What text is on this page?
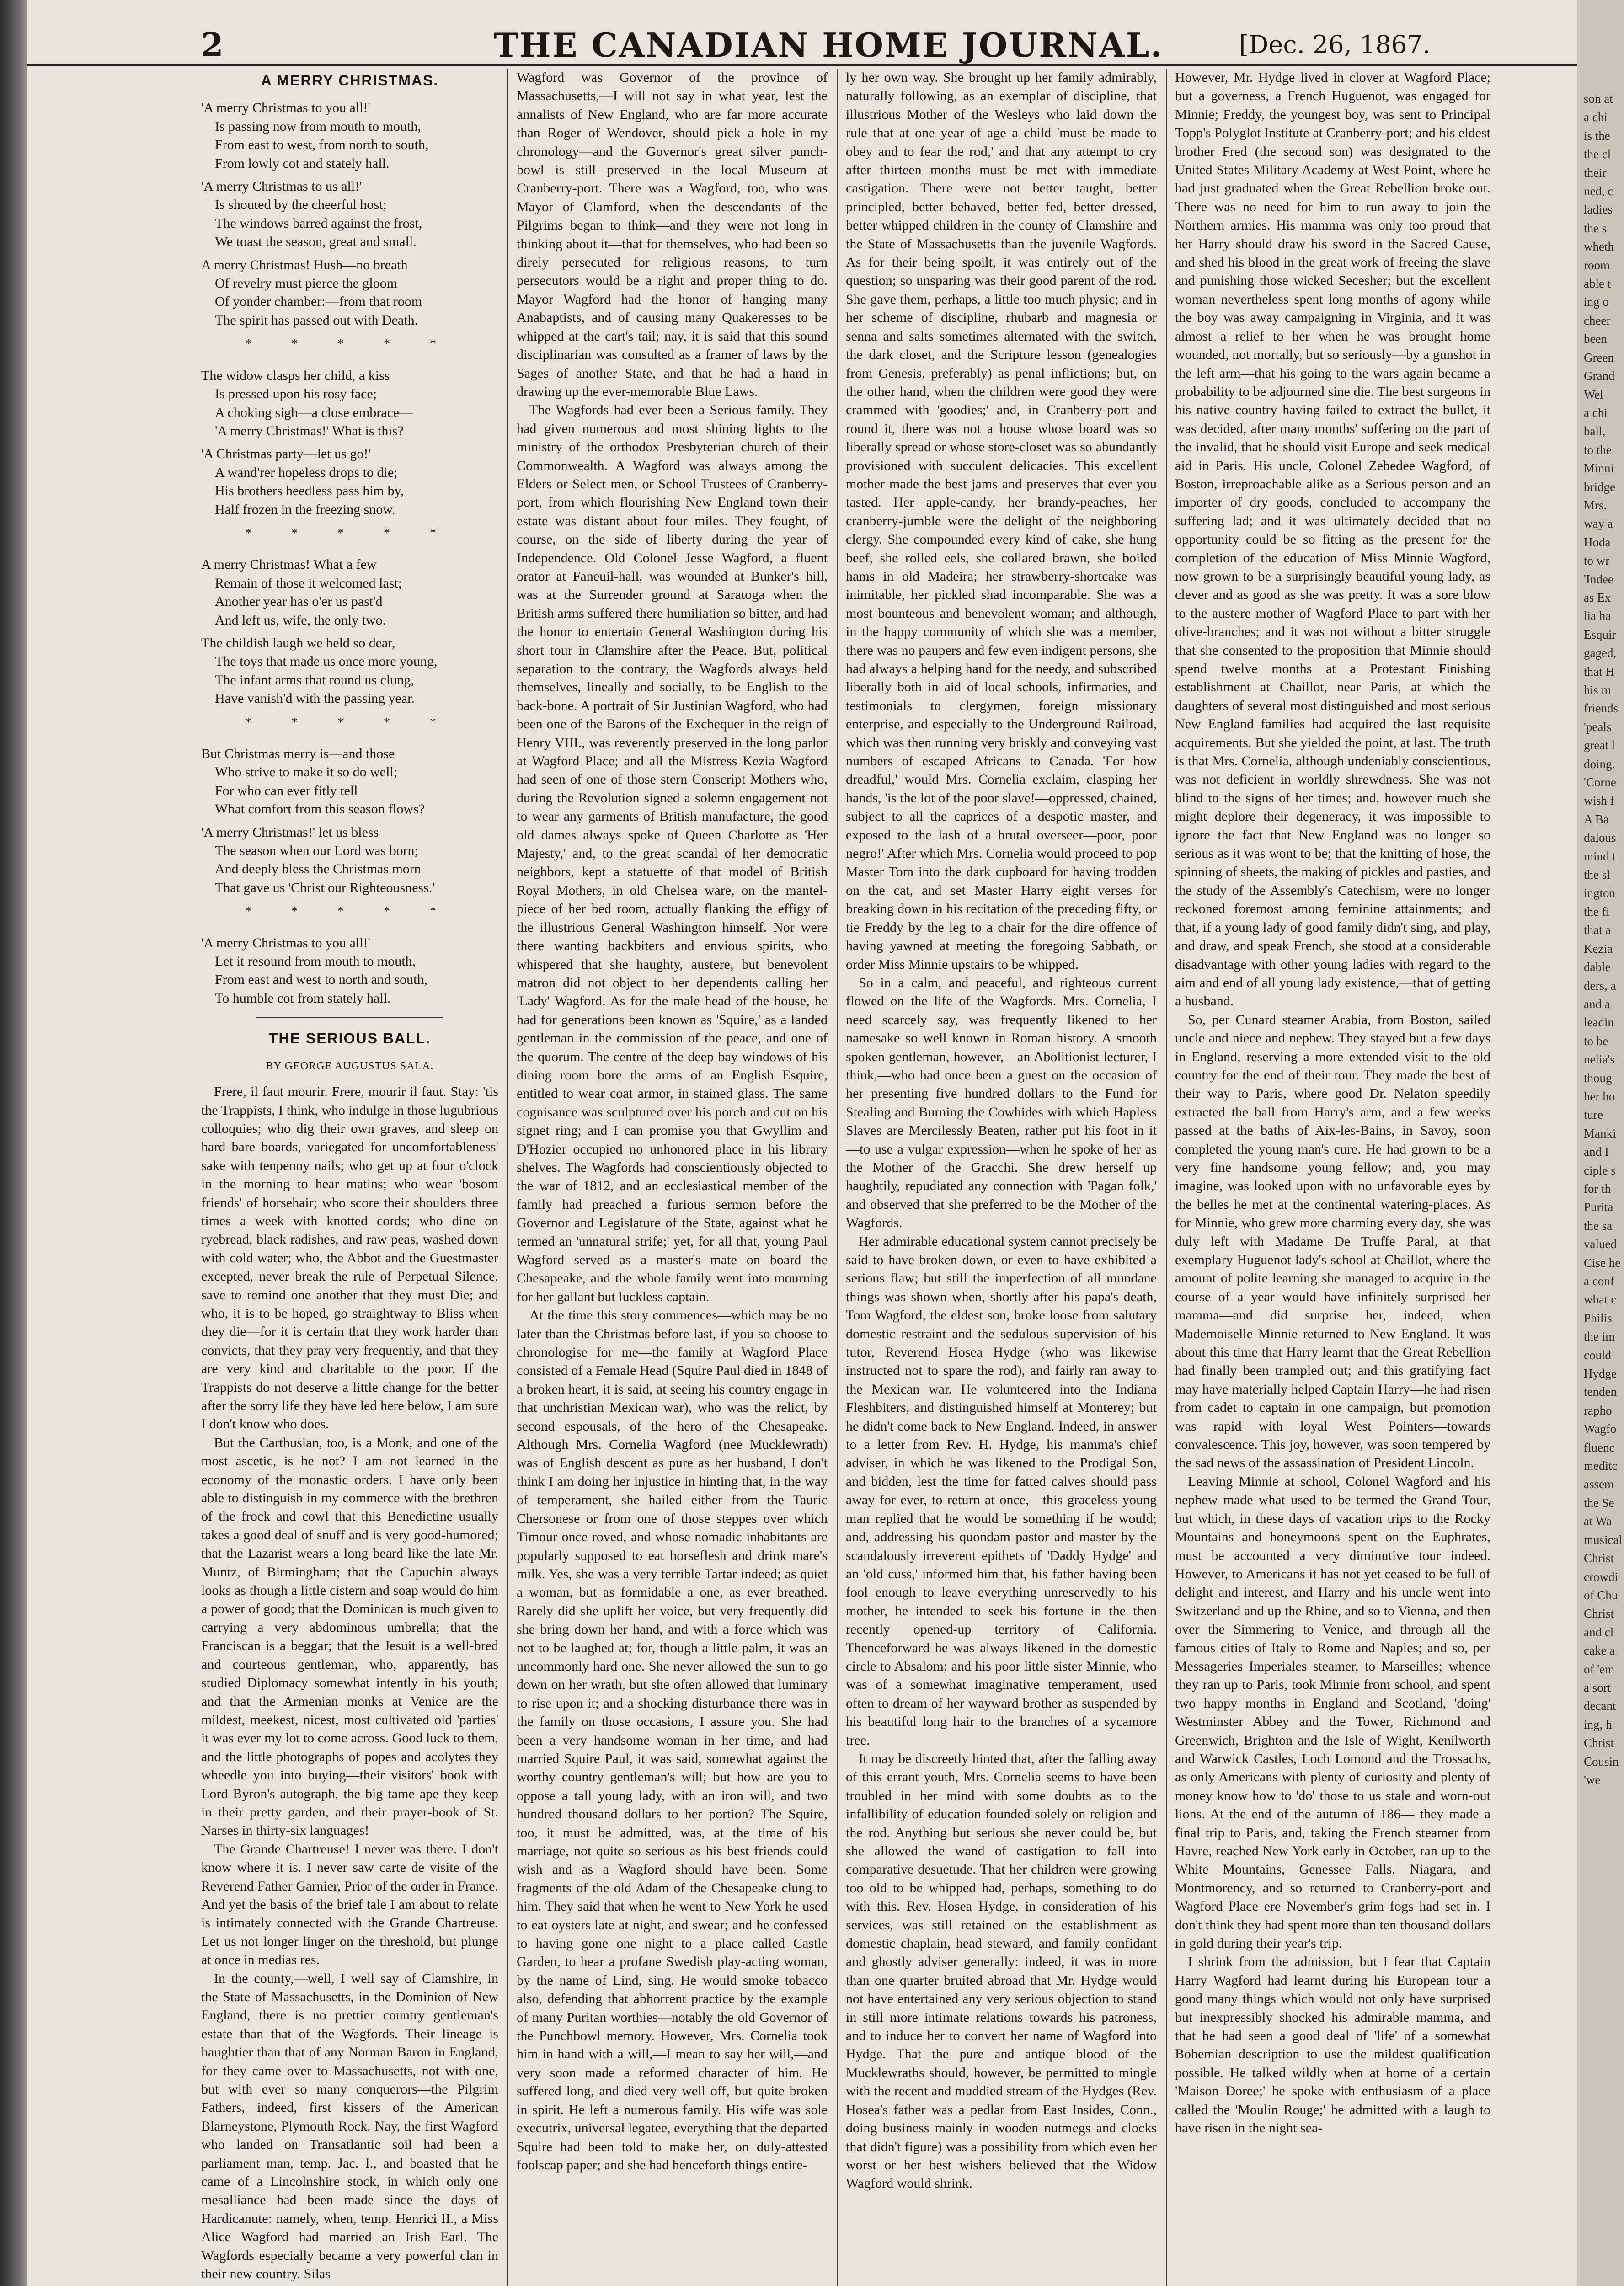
2	THE CANADIAN HOME JOURNAL.	[Dec. 26, 1867.
A MERRY CHRISTMAS.

'A merry Christmas to you all!'

Is passing now from mouth to mouth,

From east to west, from north to south,

From lowly cot and stately hall.

'A merry Christmas to us all!'

Is shouted by the cheerful host;

The windows barred against the frost,

We toast the season, great and small.

A merry Christmas! Hush—no breath

Of revelry must pierce the gloom

Of yonder chamber:—from that room

The spirit has passed out with Death.

* * * * *

The widow clasps her child, a kiss

Is pressed upon his rosy face;

A choking sigh—a close embrace—

'A merry Christmas!' What is this?

'A Christmas party—let us go!'

A wand'rer hopeless drops to die;

His brothers heedless pass him by,

Half frozen in the freezing snow.

* * * * *

A merry Christmas! What a few

Remain of those it welcomed last;

Another year has o'er us past'd

And left us, wife, the only two.

The childish laugh we held so dear,

The toys that made us once more young,

The infant arms that round us clung,

Have vanish'd with the passing year.

* * * * *

But Christmas merry is—and those

Who strive to make it so do well;

For who can ever fitly tell

What comfort from this season flows?

'A merry Christmas!' let us bless

The season when our Lord was born;

And deeply bless the Christmas morn

That gave us 'Christ our Righteousness.'

* * * * *

'A merry Christmas to you all!'

Let it resound from mouth to mouth,

From east and west to north and south,

To humble cot from stately hall.

THE SERIOUS BALL.
BY GEORGE AUGUSTUS SALA.

Frere, il faut mourir. Frere, mourir il faut. Stay: 'tis the Trappists, I think, who indulge in those lugubrious colloquies; who dig their own graves, and sleep on hard bare boards, variegated for uncomfortableness' sake with tenpenny nails; who get up at four o'clock in the morning to hear matins; who wear 'bosom friends' of horsehair; who score their shoulders three times a week with knotted cords; who dine on ryebread, black radishes, and raw peas, washed down with cold water; who, the Abbot and the Guestmaster excepted, never break the rule of Perpetual Silence, save to remind one another that they must Die; and who, it is to be hoped, go straightway to Bliss when they die—for it is certain that they work harder than convicts, that they pray very frequently, and that they are very kind and charitable to the poor. If the Trappists do not deserve a little change for the better after the sorry life they have led here below, I am sure I don't know who does.

But the Carthusian, too, is a Monk, and one of the most ascetic, is he not? I am not learned in the economy of the monastic orders. I have only been able to distinguish in my commerce with the brethren of the frock and cowl that this Benedictine usually takes a good deal of snuff and is very good-humored; that the Lazarist wears a long beard like the late Mr. Muntz, of Birmingham; that the Capuchin always looks as though a little cistern and soap would do him a power of good; that the Dominican is much given to carrying a very abdominous umbrella; that the Franciscan is a beggar; that the Jesuit is a well-bred and courteous gentleman, who, apparently, has studied Diplomacy somewhat intently in his youth; and that the Armenian monks at Venice are the mildest, meekest, nicest, most cultivated old 'parties' it was ever my lot to come across. Good luck to them, and the little photographs of popes and acolytes they wheedle you into buying—their visitors' book with Lord Byron's autograph, the big tame ape they keep in their pretty garden, and their prayer-book of St. Narses in thirty-six languages!

The Grande Chartreuse! I never was there. I don't know where it is. I never saw carte de visite of the Reverend Father Garnier, Prior of the order in France. And yet the basis of the brief tale I am about to relate is intimately connected with the Grande Chartreuse. Let us not longer linger on the threshold, but plunge at once in medias res.

In the county,—well, I well say of Clamshire, in the State of Massachusetts, in the Dominion of New England, there is no prettier country gentleman's estate than that of the Wagfords. Their lineage is haughtier than that of any Norman Baron in England, for they came over to Massachusetts, not with one, but with ever so many conquerors—the Pilgrim Fathers, indeed, first kissers of the American Blarneystone, Plymouth Rock. Nay, the first Wagford who landed on Transatlantic soil had been a parliament man, temp. Jac. I., and boasted that he came of a Lincolnshire stock, in which only one mesalliance had been made since the days of Hardicanute: namely, when, temp. Henrici II., a Miss Alice Wagford had married an Irish Earl. The Wagfords especially became a very powerful clan in their new country. Silas

Wagford was Governor of the province of Massachusetts,—I will not say in what year, lest the annalists of New England, who are far more accurate than Roger of Wendover, should pick a hole in my chronology—and the Governor's great silver punch-bowl is still preserved in the local Museum at Cranberry-port. There was a Wagford, too, who was Mayor of Clamford, when the descendants of the Pilgrims began to think—and they were not long in thinking about it—that for themselves, who had been so direly persecuted for religious reasons, to turn persecutors would be a right and proper thing to do. Mayor Wagford had the honor of hanging many Anabaptists, and of causing many Quakeresses to be whipped at the cart's tail; nay, it is said that this sound disciplinarian was consulted as a framer of laws by the Sages of another State, and that he had a hand in drawing up the ever-memorable Blue Laws.

The Wagfords had ever been a Serious family. They had given numerous and most shining lights to the ministry of the orthodox Presbyterian church of their Commonwealth. A Wagford was always among the Elders or Select men, or School Trustees of Cranberry-port, from which flourishing New England town their estate was distant about four miles. They fought, of course, on the side of liberty during the year of Independence. Old Colonel Jesse Wagford, a fluent orator at Faneuil-hall, was wounded at Bunker's hill, was at the Surrender ground at Saratoga when the British arms suffered there humiliation so bitter, and had the honor to entertain General Washington during his short tour in Clamshire after the Peace. But, political separation to the contrary, the Wagfords always held themselves, lineally and socially, to be English to the back-bone. A portrait of Sir Justinian Wagford, who had been one of the Barons of the Exchequer in the reign of Henry VIII., was reverently preserved in the long parlor at Wagford Place; and all the Mistress Kezia Wagford had seen of one of those stern Conscript Mothers who, during the Revolution signed a solemn engagement not to wear any garments of British manufacture, the good old dames always spoke of Queen Charlotte as 'Her Majesty,' and, to the great scandal of her democratic neighbors, kept a statuette of that model of British Royal Mothers, in old Chelsea ware, on the mantel-piece of her bed room, actually flanking the effigy of the illustrious General Washington himself. Nor were there wanting backbiters and envious spirits, who whispered that she haughty, austere, but benevolent matron did not object to her dependents calling her 'Lady' Wagford. As for the male head of the house, he had for generations been known as 'Squire,' as a landed gentleman in the commission of the peace, and one of the quorum. The centre of the deep bay windows of his dining room bore the arms of an English Esquire, entitled to wear coat armor, in stained glass. The same cognisance was sculptured over his porch and cut on his signet ring; and I can promise you that Gwyllim and D'Hozier occupied no unhonored place in his library shelves. The Wagfords had conscientiously objected to the war of 1812, and an ecclesiastical member of the family had preached a furious sermon before the Governor and Legislature of the State, against what he termed an 'unnatural strife;' yet, for all that, young Paul Wagford served as a master's mate on board the Chesapeake, and the whole family went into mourning for her gallant but luckless captain.

At the time this story commences—which may be no later than the Christmas before last, if you so choose to chronologise for me—the family at Wagford Place consisted of a Female Head (Squire Paul died in 1848 of a broken heart, it is said, at seeing his country engage in that unchristian Mexican war), who was the relict, by second espousals, of the hero of the Chesapeake. Although Mrs. Cornelia Wagford (nee Mucklewrath) was of English descent as pure as her husband, I don't think I am doing her injustice in hinting that, in the way of temperament, she hailed either from the Tauric Chersonese or from one of those steppes over which Timour once roved, and whose nomadic inhabitants are popularly supposed to eat horseflesh and drink mare's milk. Yes, she was a very terrible Tartar indeed; as quiet a woman, but as formidable a one, as ever breathed. Rarely did she uplift her voice, but very frequently did she bring down her hand, and with a force which was not to be laughed at; for, though a little palm, it was an uncommonly hard one. She never allowed the sun to go down on her wrath, but she often allowed that luminary to rise upon it; and a shocking disturbance there was in the family on those occasions, I assure you. She had been a very handsome woman in her time, and had married Squire Paul, it was said, somewhat against the worthy country gentleman's will; but how are you to oppose a tall young lady, with an iron will, and two hundred thousand dollars to her portion? The Squire, too, it must be admitted, was, at the time of his marriage, not quite so serious as his best friends could wish and as a Wagford should have been. Some fragments of the old Adam of the Chesapeake clung to him. They said that when he went to New York he used to eat oysters late at night, and swear; and he confessed to having gone one night to a place called Castle Garden, to hear a profane Swedish play-acting woman, by the name of Lind, sing. He would smoke tobacco also, defending that abhorrent practice by the example of many Puritan worthies—notably the old Governor of the Punchbowl memory. However, Mrs. Cornelia took him in hand with a will,—I mean to say her will,—and very soon made a reformed character of him. He suffered long, and died very well off, but quite broken in spirit. He left a numerous family. His wife was sole executrix, universal legatee, everything that the departed Squire had been told to make her, on duly-attested foolscap paper; and she had henceforth things entire-

ly her own way. She brought up her family admirably, naturally following, as an exemplar of discipline, that illustrious Mother of the Wesleys who laid down the rule that at one year of age a child 'must be made to obey and to fear the rod,' and that any attempt to cry after thirteen months must be met with immediate castigation. There were not better taught, better principled, better behaved, better fed, better dressed, better whipped children in the county of Clamshire and the State of Massachusetts than the juvenile Wagfords. As for their being spoilt, it was entirely out of the question; so unsparing was their good parent of the rod. She gave them, perhaps, a little too much physic; and in her scheme of discipline, rhubarb and magnesia or senna and salts sometimes alternated with the switch, the dark closet, and the Scripture lesson (genealogies from Genesis, preferably) as penal inflictions; but, on the other hand, when the children were good they were crammed with 'goodies;' and, in Cranberry-port and round it, there was not a house whose board was so liberally spread or whose store-closet was so abundantly provisioned with succulent delicacies. This excellent mother made the best jams and preserves that ever you tasted. Her apple-candy, her brandy-peaches, her cranberry-jumble were the delight of the neighboring clergy. She compounded every kind of cake, she hung beef, she rolled eels, she collared brawn, she boiled hams in old Madeira; her strawberry-shortcake was inimitable, her pickled shad incomparable. She was a most bounteous and benevolent woman; and although, in the happy community of which she was a member, there was no paupers and few even indigent persons, she had always a helping hand for the needy, and subscribed liberally both in aid of local schools, infirmaries, and testimonials to clergymen, foreign missionary enterprise, and especially to the Underground Railroad, which was then running very briskly and conveying vast numbers of escaped Africans to Canada. 'For how dreadful,' would Mrs. Cornelia exclaim, clasping her hands, 'is the lot of the poor slave!—oppressed, chained, subject to all the caprices of a despotic master, and exposed to the lash of a brutal overseer—poor, poor negro!' After which Mrs. Cornelia would proceed to pop Master Tom into the dark cupboard for having trodden on the cat, and set Master Harry eight verses for breaking down in his recitation of the preceding fifty, or tie Freddy by the leg to a chair for the dire offence of having yawned at meeting the foregoing Sabbath, or order Miss Minnie upstairs to be whipped.

So in a calm, and peaceful, and righteous current flowed on the life of the Wagfords. Mrs. Cornelia, I need scarcely say, was frequently likened to her namesake so well known in Roman history. A smooth spoken gentleman, however,—an Abolitionist lecturer, I think,—who had once been a guest on the occasion of her presenting five hundred dollars to the Fund for Stealing and Burning the Cowhides with which Hapless Slaves are Mercilessly Beaten, rather put his foot in it —to use a vulgar expression—when he spoke of her as the Mother of the Gracchi. She drew herself up haughtily, repudiated any connection with 'Pagan folk,' and observed that she preferred to be the Mother of the Wagfords.

Her admirable educational system cannot precisely be said to have broken down, or even to have exhibited a serious flaw; but still the imperfection of all mundane things was shown when, shortly after his papa's death, Tom Wagford, the eldest son, broke loose from salutary domestic restraint and the sedulous supervision of his tutor, Reverend Hosea Hydge (who was likewise instructed not to spare the rod), and fairly ran away to the Mexican war. He volunteered into the Indiana Fleshbiters, and distinguished himself at Monterey; but he didn't come back to New England. Indeed, in answer to a letter from Rev. H. Hydge, his mamma's chief adviser, in which he was likened to the Prodigal Son, and bidden, lest the time for fatted calves should pass away for ever, to return at once,—this graceless young man replied that he would be something if he would; and, addressing his quondam pastor and master by the scandalously irreverent epithets of 'Daddy Hydge' and an 'old cuss,' informed him that, his father having been fool enough to leave everything unreservedly to his mother, he intended to seek his fortune in the then recently opened-up territory of California. Thenceforward he was always likened in the domestic circle to Absalom; and his poor little sister Minnie, who was of a somewhat imaginative temperament, used often to dream of her wayward brother as suspended by his beautiful long hair to the branches of a sycamore tree.

It may be discreetly hinted that, after the falling away of this errant youth, Mrs. Cornelia seems to have been troubled in her mind with some doubts as to the infallibility of education founded solely on religion and the rod. Anything but serious she never could be, but she allowed the wand of castigation to fall into comparative desuetude. That her children were growing too old to be whipped had, perhaps, something to do with this. Rev. Hosea Hydge, in consideration of his services, was still retained on the establishment as domestic chaplain, head steward, and family confidant and ghostly adviser generally: indeed, it was in more than one quarter bruited abroad that Mr. Hydge would not have entertained any very serious objection to stand in still more intimate relations towards his patroness, and to induce her to convert her name of Wagford into Hydge. That the pure and antique blood of the Mucklewraths should, however, be permitted to mingle with the recent and muddied stream of the Hydges (Rev. Hosea's father was a pedlar from East Insides, Conn., doing business mainly in wooden nutmegs and clocks that didn't figure) was a possibility from which even her worst or her best wishers believed that the Widow Wagford would shrink.

However, Mr. Hydge lived in clover at Wagford Place; but a governess, a French Huguenot, was engaged for Minnie; Freddy, the youngest boy, was sent to Principal Topp's Polyglot Institute at Cranberry-port; and his eldest brother Fred (the second son) was designated to the United States Military Academy at West Point, where he had just graduated when the Great Rebellion broke out. There was no need for him to run away to join the Northern armies. His mamma was only too proud that her Harry should draw his sword in the Sacred Cause, and shed his blood in the great work of freeing the slave and punishing those wicked Secesher; but the excellent woman nevertheless spent long months of agony while the boy was away campaigning in Virginia, and it was almost a relief to her when he was brought home wounded, not mortally, but so seriously—by a gunshot in the left arm—that his going to the wars again became a probability to be adjourned sine die. The best surgeons in his native country having failed to extract the bullet, it was decided, after many months' suffering on the part of the invalid, that he should visit Europe and seek medical aid in Paris. His uncle, Colonel Zebedee Wagford, of Boston, irreproachable alike as a Serious person and an importer of dry goods, concluded to accompany the suffering lad; and it was ultimately decided that no opportunity could be so fitting as the present for the completion of the education of Miss Minnie Wagford, now grown to be a surprisingly beautiful young lady, as clever and as good as she was pretty. It was a sore blow to the austere mother of Wagford Place to part with her olive-branches; and it was not without a bitter struggle that she consented to the proposition that Minnie should spend twelve months at a Protestant Finishing establishment at Chaillot, near Paris, at which the daughters of several most distinguished and most serious New England families had acquired the last requisite acquirements. But she yielded the point, at last. The truth is that Mrs. Cornelia, although undeniably conscientious, was not deficient in worldly shrewdness. She was not blind to the signs of her times; and, however much she might deplore their degeneracy, it was impossible to ignore the fact that New England was no longer so serious as it was wont to be; that the knitting of hose, the spinning of sheets, the making of pickles and pasties, and the study of the Assembly's Catechism, were no longer reckoned foremost among feminine attainments; and that, if a young lady of good family didn't sing, and play, and draw, and speak French, she stood at a considerable disadvantage with other young ladies with regard to the aim and end of all young lady existence,—that of getting a husband.

So, per Cunard steamer Arabia, from Boston, sailed uncle and niece and nephew. They stayed but a few days in England, reserving a more extended visit to the old country for the end of their tour. They made the best of their way to Paris, where good Dr. Nelaton speedily extracted the ball from Harry's arm, and a few weeks passed at the baths of Aix-les-Bains, in Savoy, soon completed the young man's cure. He had grown to be a very fine handsome young fellow; and, you may imagine, was looked upon with no unfavorable eyes by the belles he met at the continental watering-places. As for Minnie, who grew more charming every day, she was duly left with Madame De Truffe Paral, at that exemplary Huguenot lady's school at Chaillot, where the amount of polite learning she managed to acquire in the course of a year would have infinitely surprised her mamma—and did surprise her, indeed, when Mademoiselle Minnie returned to New England. It was about this time that Harry learnt that the Great Rebellion had finally been trampled out; and this gratifying fact may have materially helped Captain Harry—he had risen from cadet to captain in one campaign, but promotion was rapid with loyal West Pointers—towards convalescence. This joy, however, was soon tempered by the sad news of the assassination of President Lincoln.

Leaving Minnie at school, Colonel Wagford and his nephew made what used to be termed the Grand Tour, but which, in these days of vacation trips to the Rocky Mountains and honeymoons spent on the Euphrates, must be accounted a very diminutive tour indeed. However, to Americans it has not yet ceased to be full of delight and interest, and Harry and his uncle went into Switzerland and up the Rhine, and so to Vienna, and then over the Simmering to Venice, and through all the famous cities of Italy to Rome and Naples; and so, per Messageries Imperiales steamer, to Marseilles; whence they ran up to Paris, took Minnie from school, and spent two happy months in England and Scotland, 'doing' Westminster Abbey and the Tower, Richmond and Greenwich, Brighton and the Isle of Wight, Kenilworth and Warwick Castles, Loch Lomond and the Trossachs, as only Americans with plenty of curiosity and plenty of money know how to 'do' those to us stale and worn-out lions. At the end of the autumn of 186— they made a final trip to Paris, and, taking the French steamer from Havre, reached New York early in October, ran up to the White Mountains, Genessee Falls, Niagara, and Montmorency, and so returned to Cranberry-port and Wagford Place ere November's grim fogs had set in. I don't think they had spent more than ten thousand dollars in gold during their year's trip.

I shrink from the admission, but I fear that Captain Harry Wagford had learnt during his European tour a good many things which would not only have surprised but inexpressibly shocked his admirable mamma, and that he had seen a good deal of 'life' of a somewhat Bohemian description to use the mildest qualification possible. He talked wildly when at home of a certain 'Maison Doree;' he spoke with enthusiasm of a place called the 'Moulin Rouge;' he admitted with a laugh to have risen in the night sea-

son at
a chi
is the
the cl
their
ned, c
ladies
the s
wheth
room
able t
ing o
cheer
been
Green
Grand
Wel
a chi
ball,
to the
Minni
bridge
Mrs.
way a
Hoda
to wr
'Indee
as Ex
lia ha
Esquir
gaged,
that H
his m
friends
'peals
great l
doing.
'Corne
wish f
A Ba
dalous
mind t
the sl
ington
the fi
that a
Kezia
dable
ders, a
and a
leadin
to be
nelia's
thoug
her ho
ture
Manki
and I
ciple s
for th
Purita
the sa
valued
Cise he
a conf
what c
Philis
the im
could
Hydge
tenden
rapho
Wagfo
fluenc
meditc
assem
the Se
at Wa
musical
Christ
crowdi
of Chu
Christ
and cl
cake a
of 'em
a sort
decant
ing, h
Christ
Cousin
'we
